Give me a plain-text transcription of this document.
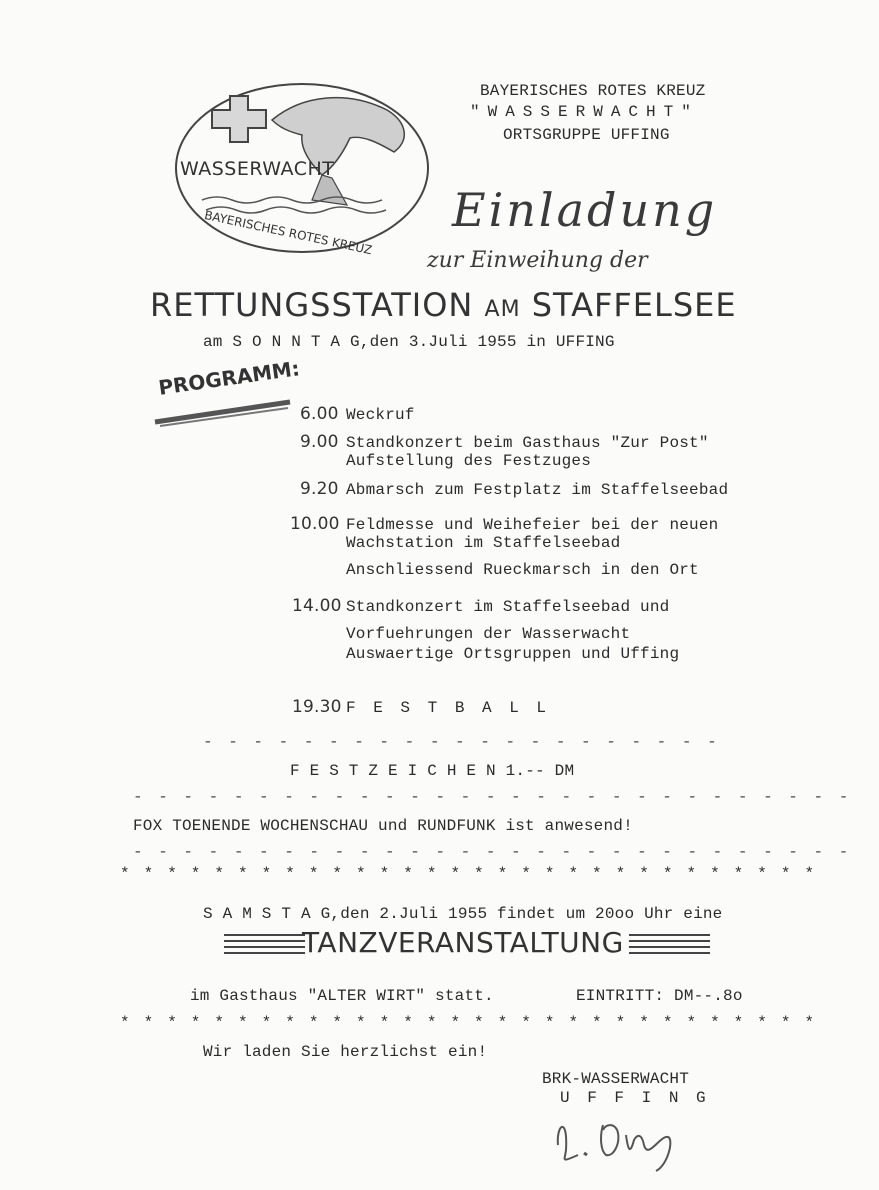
WASSERWACHT
BAYERISCHES ROTES KREUZ
BAYERISCHES ROTES KREUZ
"WASSERWACHT"
ORTSGRUPPE UFFING
Einladung
zur Einweihung der
RETTUNGSSTATION AM STAFFELSEE
am S O N N T A G,den 3.Juli 1955 in UFFING
PROGRAMM:
6.00 Weckruf
9.00 Standkonzert beim Gasthaus "Zur Post"
Aufstellung des Festzuges
9.20 Abmarsch zum Festplatz im Staffelseebad
10.00 Feldmesse und Weihefeier bei der neuen
Wachstation im Staffelseebad
Anschliessend Rueckmarsch in den Ort
14.00 Standkonzert im Staffelseebad und
Vorfuehrungen der Wasserwacht
Auswaertige Ortsgruppen und Uffing
19.30 F E S T B A L L
- - - - - - - - - - - - - - - - - - - - -
F E S T Z E I C H E N 1.-- DM
- - - - - - - - - - - - - - - - - - - - - - - - - - - - -
FOX TOENENDE WOCHENSCHAU und RUNDFUNK ist anwesend!
- - - - - - - - - - - - - - - - - - - - - - - - - - - - -
* * * * * * * * * * * * * * * * * * * * * * * * * * * * * *
S A M S T A G,den 2.Juli 1955 findet um 20oo Uhr eine
TANZVERANSTALTUNG
im Gasthaus "ALTER WIRT" statt.	EINTRITT: DM--.8o
* * * * * * * * * * * * * * * * * * * * * * * * * * * * * *
Wir laden Sie herzlichst ein!
BRK-WASSERWACHT
U F F I N G
